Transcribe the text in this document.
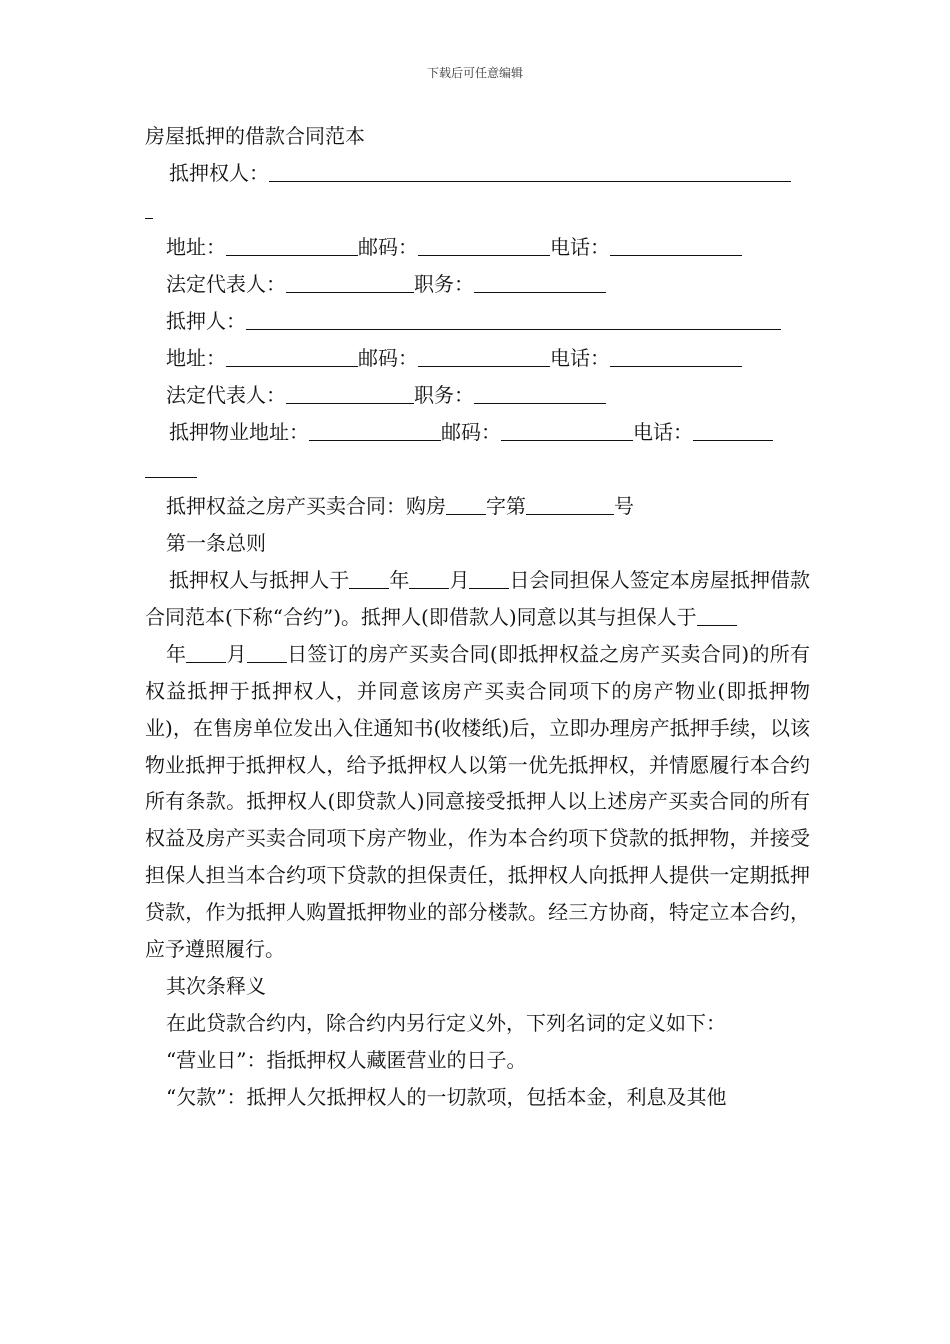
下载后可任意编辑
房屋抵押的借款合同范本
抵押权人：
地址：	邮码：	电话：
法定代表人：	职务：
抵押人：
地址：	邮码：	电话：
法定代表人：	职务：
抵押物业地址：	邮码：	电话：
抵押权益之房产买卖合同：购房 字第	号
第一条总则
抵押权人与抵押人于 年 月 日会同担保人签定本房屋抵押借款合同范本(下称“合约”)。抵押人(即借款人)同意以其与担保人于
年 月 日签订的房产买卖合同(即抵押权益之房产买卖合同)的所有权益抵押于抵押权人，并同意该房产买卖合同项下的房产物业(即抵押物业)，在售房单位发出入住通知书(收楼纸)后，立即办理房产抵押手续，以该物业抵押于抵押权人，给予抵押权人以第一优先抵押权，并情愿履行本合约所有条款。抵押权人(即贷款人)同意接受抵押人以上述房产买卖合同的所有权益及房产买卖合同项下房产物业，作为本合约项下贷款的抵押物，并接受担保人担当本合约项下贷款的担保责任，抵押权人向抵押人提供一定期抵押贷款，作为抵押人购置抵押物业的部分楼款。经三方协商，特定立本合约，应予遵照履行。
其次条释义
在此贷款合约内，除合约内另行定义外，下列名词的定义如下：
“营业日”：指抵押权人藏匿营业的日子。
“欠款”：抵押人欠抵押权人的一切款项，包括本金，利息及其他
